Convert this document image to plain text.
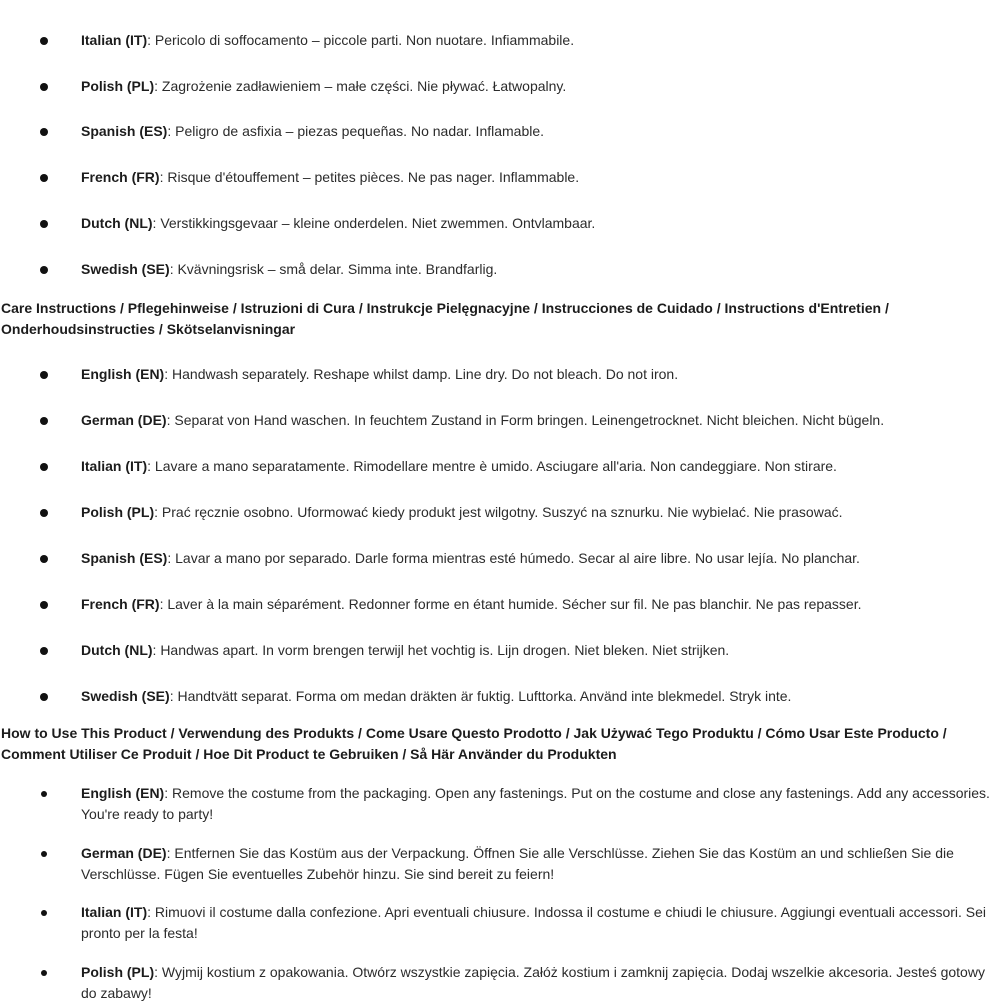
Italian (IT): Pericolo di soffocamento – piccole parti. Non nuotare. Infiammabile.
Polish (PL): Zagrożenie zadławieniem – małe części. Nie pływać. Łatwopalny.
Spanish (ES): Peligro de asfixia – piezas pequeñas. No nadar. Inflamable.
French (FR): Risque d'étouffement – petites pièces. Ne pas nager. Inflammable.
Dutch (NL): Verstikkingsgevaar – kleine onderdelen. Niet zwemmen. Ontvlambaar.
Swedish (SE): Kvävningsrisk – små delar. Simma inte. Brandfarlig.
Care Instructions / Pflegehinweise / Istruzioni di Cura / Instrukcje Pielęgnacyjne / Instrucciones de Cuidado / Instructions d'Entretien / Onderhoudsinstructies / Skötselanvisningar
English (EN): Handwash separately. Reshape whilst damp. Line dry. Do not bleach. Do not iron.
German (DE): Separat von Hand waschen. In feuchtem Zustand in Form bringen. Leinengetrocknet. Nicht bleichen. Nicht bügeln.
Italian (IT): Lavare a mano separatamente. Rimodellare mentre è umido. Asciugare all'aria. Non candeggiare. Non stirare.
Polish (PL): Prać ręcznie osobno. Uformować kiedy produkt jest wilgotny. Suszyć na sznurku. Nie wybielać. Nie prasować.
Spanish (ES): Lavar a mano por separado. Darle forma mientras esté húmedo. Secar al aire libre. No usar lejía. No planchar.
French (FR): Laver à la main séparément. Redonner forme en étant humide. Sécher sur fil. Ne pas blanchir. Ne pas repasser.
Dutch (NL): Handwas apart. In vorm brengen terwijl het vochtig is. Lijn drogen. Niet bleken. Niet strijken.
Swedish (SE): Handtvätt separat. Forma om medan dräkten är fuktig. Lufttorka. Använd inte blekmedel. Stryk inte.
How to Use This Product / Verwendung des Produkts / Come Usare Questo Prodotto / Jak Używać Tego Produktu / Cómo Usar Este Producto / Comment Utiliser Ce Produit / Hoe Dit Product te Gebruiken / Så Här Använder du Produkten
English (EN): Remove the costume from the packaging. Open any fastenings. Put on the costume and close any fastenings. Add any accessories. You're ready to party!
German (DE): Entfernen Sie das Kostüm aus der Verpackung. Öffnen Sie alle Verschlüsse. Ziehen Sie das Kostüm an und schließen Sie die Verschlüsse. Fügen Sie eventuelles Zubehör hinzu. Sie sind bereit zu feiern!
Italian (IT): Rimuovi il costume dalla confezione. Apri eventuali chiusure. Indossa il costume e chiudi le chiusure. Aggiungi eventuali accessori. Sei pronto per la festa!
Polish (PL): Wyjmij kostium z opakowania. Otwórz wszystkie zapięcia. Załóż kostium i zamknij zapięcia. Dodaj wszelkie akcesoria. Jesteś gotowy do zabawy!
